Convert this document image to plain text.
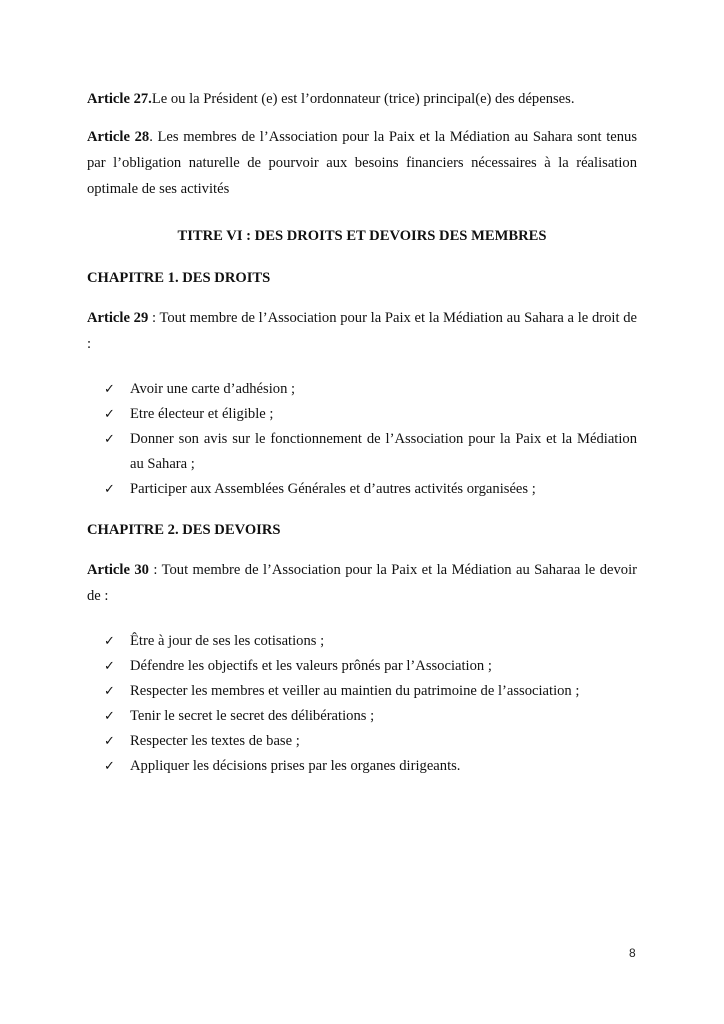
Article 27.Le ou la Président (e) est l’ordonnateur (trice) principal(e) des dépenses.

Article 28. Les membres de l’Association pour la Paix et la Médiation au Sahara sont tenus par l’obligation naturelle de pourvoir aux besoins financiers nécessaires à la réalisation optimale de ses activités

TITRE VI : DES DROITS ET DEVOIRS DES MEMBRES

CHAPITRE 1. DES DROITS

Article 29 : Tout membre de l’Association pour la Paix et la Médiation au Sahara a le droit de :

✓ Avoir une carte d’adhésion ;
✓ Etre électeur et éligible ;
✓ Donner son avis sur le fonctionnement de l’Association pour la Paix et la Médiation au Sahara ;
✓ Participer aux Assemblées Générales et d’autres activités organisées ;

CHAPITRE 2. DES DEVOIRS

Article 30 : Tout membre de l’Association pour la Paix et la Médiation au Saharaa le devoir de :

✓ Être à jour de ses les cotisations ;
✓ Défendre les objectifs et les valeurs prônés par l’Association ;
✓ Respecter les membres et veiller au maintien du patrimoine de l’association ;
✓ Tenir le secret le secret des délibérations ;
✓ Respecter les textes de base ;
✓ Appliquer les décisions prises par les organes dirigeants.
8
